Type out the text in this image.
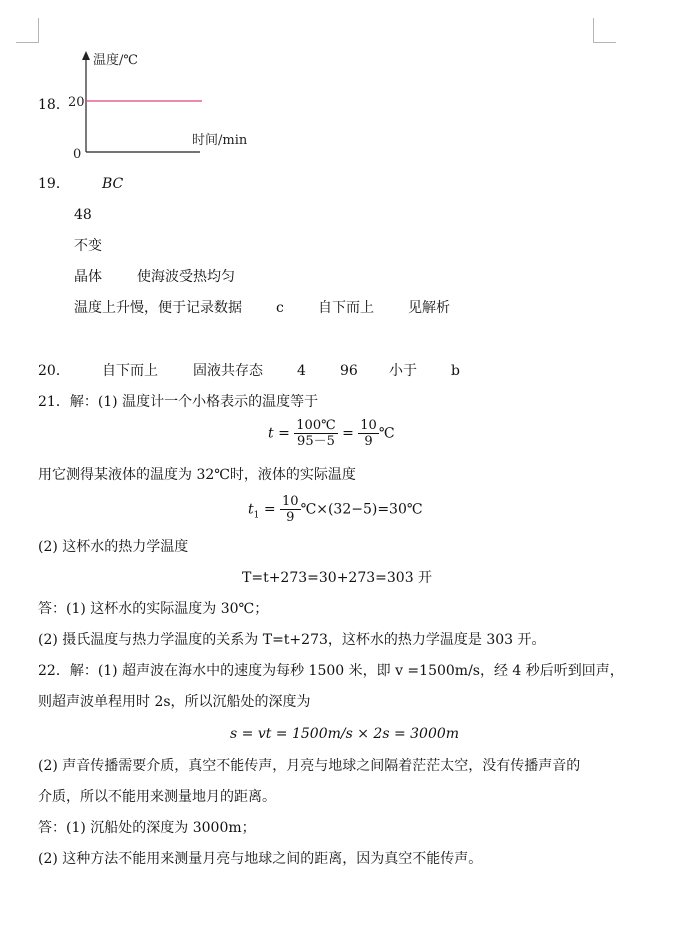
18．
温度/℃
时间/min
20
0
19． BC
48
不变
晶体	使海波受热均匀
温度上升慢，便于记录数据 c 自下而上 见解析
20． 自下而上	固液共存态 4 96 小于 b
21．解：(1) 温度计一个小格表示的温度等于
$t = \frac{100℃}{95-5} = \frac{10}{9}$ ℃
用它测得某液体的温度为 32℃时，液体的实际温度
$t_1 = \frac{10}{9}$ ℃×(32−5)=30℃
(2) 这杯水的热力学温度
T=t+273=30+273=303 开
答：(1) 这杯水的实际温度为 30℃；
(2) 摄氏温度与热力学温度的关系为 T=t+273，这杯水的热力学温度是 303 开。
22．解：(1) 超声波在海水中的速度为每秒 1500 米，即 v =1500m/s，经 4 秒后听到回声，
则超声波单程用时 2s，所以沉船处的深度为
s = vt = 1500m/s × 2s = 3000m
(2) 声音传播需要介质，真空不能传声，月亮与地球之间隔着茫茫太空，没有传播声音的
介质，所以不能用来测量地月的距离。
答：(1) 沉船处的深度为 3000m；
(2) 这种方法不能用来测量月亮与地球之间的距离，因为真空不能传声。
